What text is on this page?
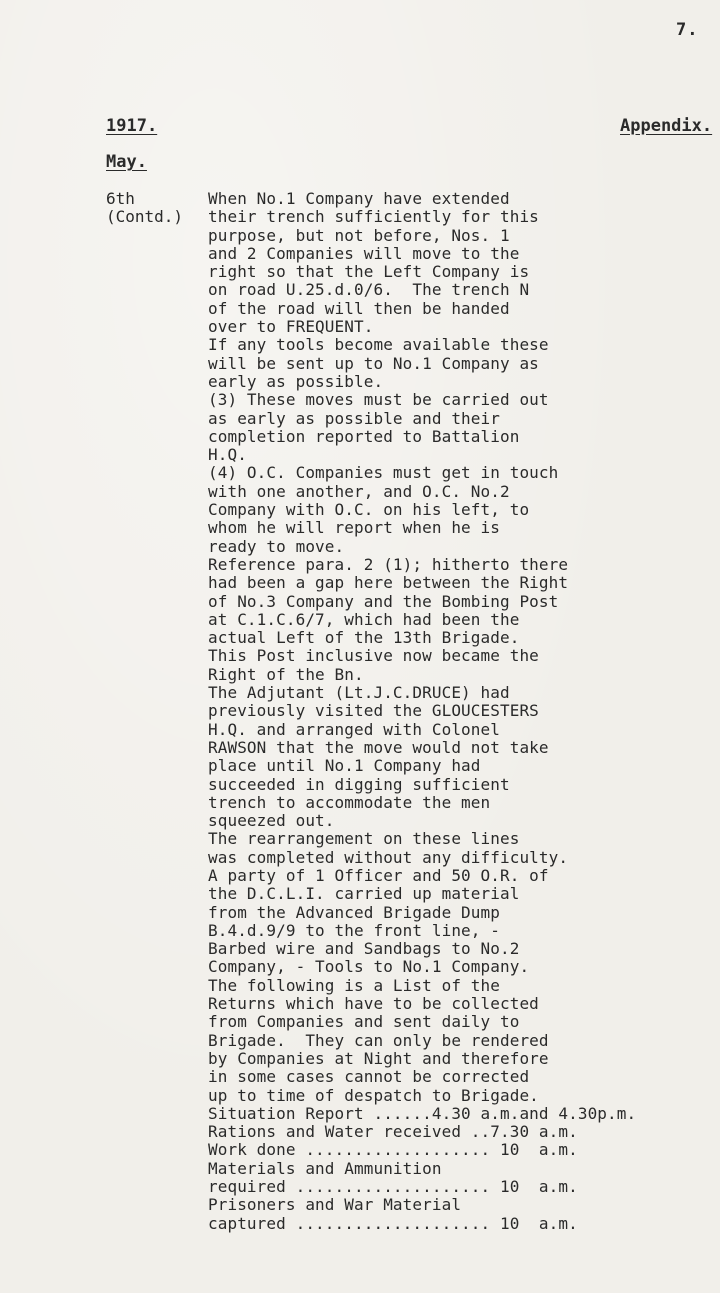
7.
1917.	Appendix.
May.
6th
(Contd.)
When No.1 Company have extended
their trench sufficiently for this
purpose, but not before, Nos. 1
and 2 Companies will move to the
right so that the Left Company is
on road U.25.d.0/6.  The trench N
of the road will then be handed
over to FREQUENT.
If any tools become available these
will be sent up to No.1 Company as
early as possible.
(3) These moves must be carried out
as early as possible and their
completion reported to Battalion
H.Q.
(4) O.C. Companies must get in touch
with one another, and O.C. No.2
Company with O.C. on his left, to
whom he will report when he is
ready to move.
Reference para. 2 (1); hitherto there
had been a gap here between the Right
of No.3 Company and the Bombing Post
at C.1.C.6/7, which had been the
actual Left of the 13th Brigade.
This Post inclusive now became the
Right of the Bn.
The Adjutant (Lt.J.C.DRUCE) had
previously visited the GLOUCESTERS
H.Q. and arranged with Colonel
RAWSON that the move would not take
place until No.1 Company had
succeeded in digging sufficient
trench to accommodate the men
squeezed out.
The rearrangement on these lines
was completed without any difficulty.
A party of 1 Officer and 50 O.R. of
the D.C.L.I. carried up material
from the Advanced Brigade Dump
B.4.d.9/9 to the front line, -
Barbed wire and Sandbags to No.2
Company, - Tools to No.1 Company.
The following is a List of the
Returns which have to be collected
from Companies and sent daily to
Brigade.  They can only be rendered
by Companies at Night and therefore
in some cases cannot be corrected
up to time of despatch to Brigade.
Situation Report ......4.30 a.m.and 4.30p.m.
Rations and Water received ..7.30 a.m.
Work done ................... 10  a.m.
Materials and Ammunition
required .................... 10  a.m.
Prisoners and War Material
captured .................... 10  a.m.
